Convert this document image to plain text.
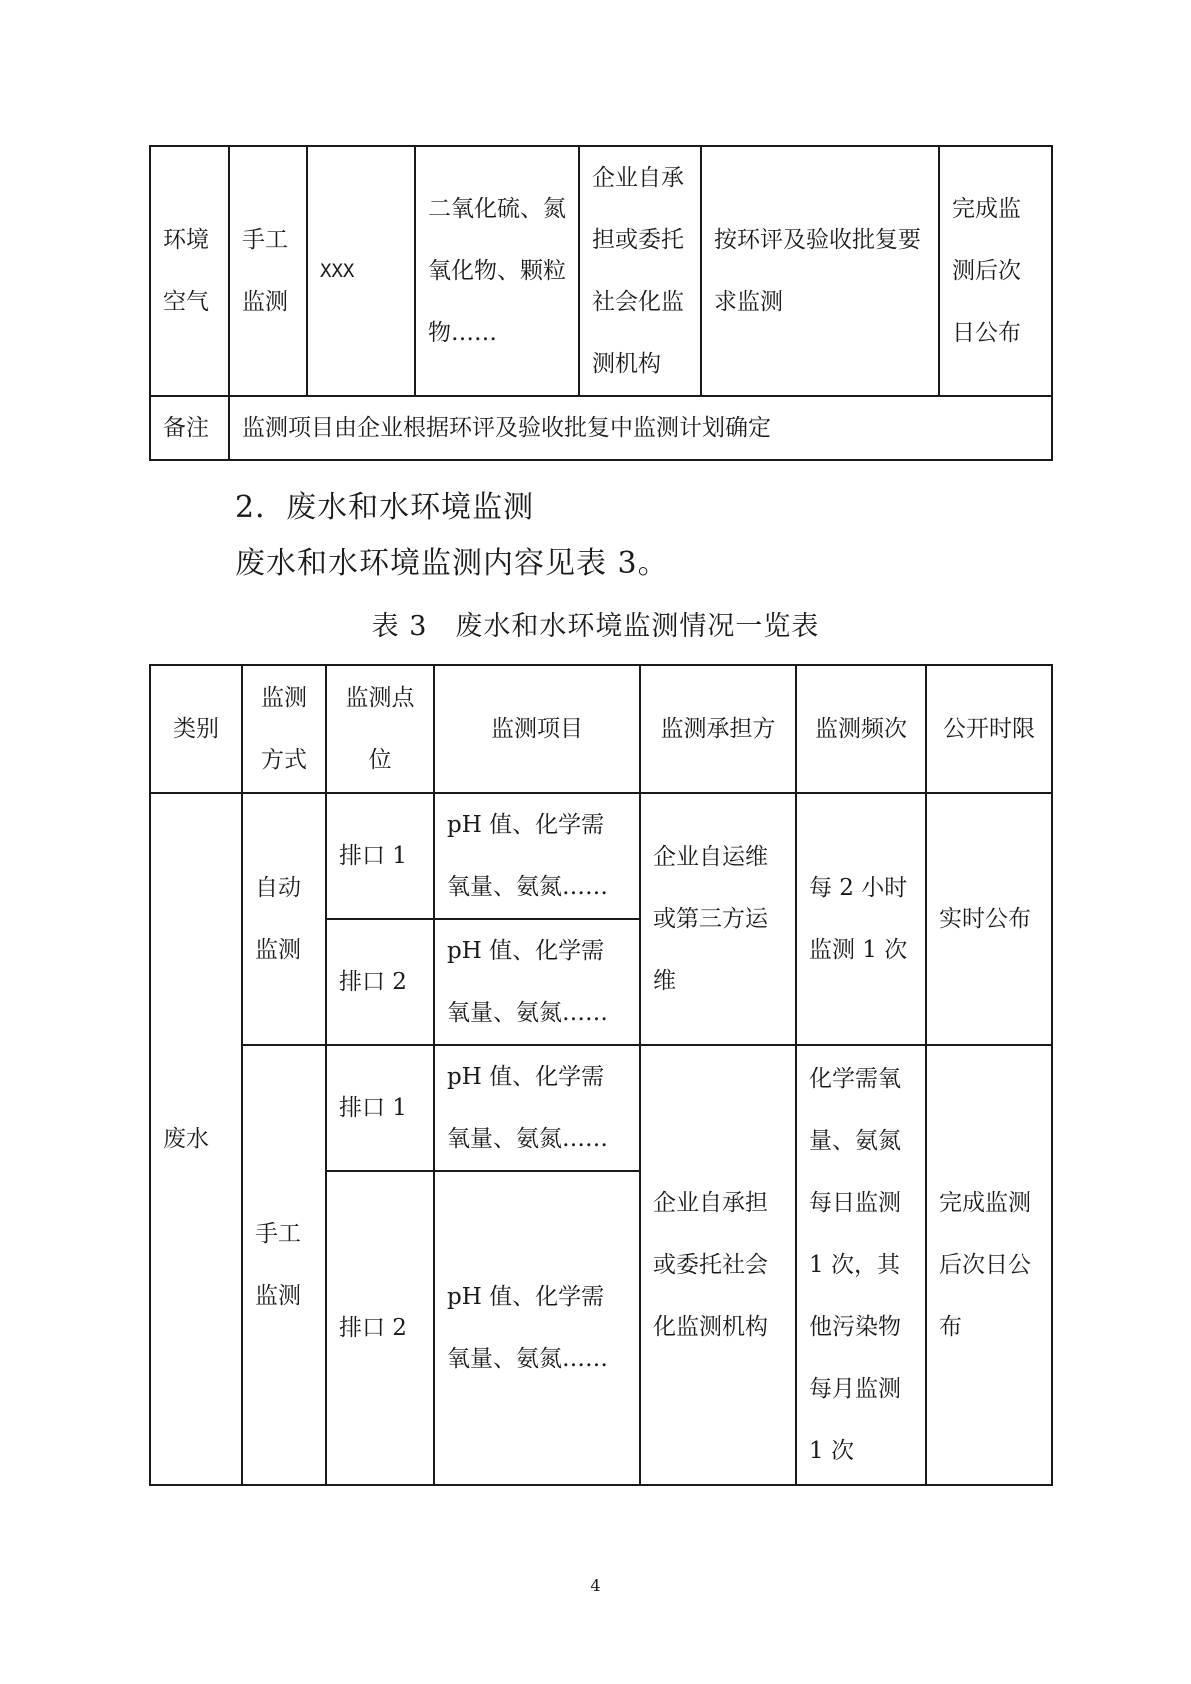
环境空气	手工监测	XXX	二氧化硫、氮氧化物、颗粒物……	企业自承担或委托社会化监测机构	按环评及验收批复要求监测	完成监测后次日公布
备注	监测项目由企业根据环评及验收批复中监测计划确定					
2．废水和水环境监测
废水和水环境监测内容见表 3。
表 3　废水和水环境监测情况一览表
类别	监测方式	监测点位	监测项目	监测承担方	监测频次	公开时限
废水	自动监测	排口 1	pH 值、化学需氧量、氨氮……	企业自运维或第三方运维	每 2 小时监测 1 次	实时公布
		排口 2	pH 值、化学需氧量、氨氮……			
	手工监测	排口 1	pH 值、化学需氧量、氨氮……	企业自承担或委托社会化监测机构	化学需氧量、氨氮每日监测 1 次，其他污染物每月监测 1 次	完成监测后次日公布
		排口 2	pH 值、化学需氧量、氨氮……			
4
